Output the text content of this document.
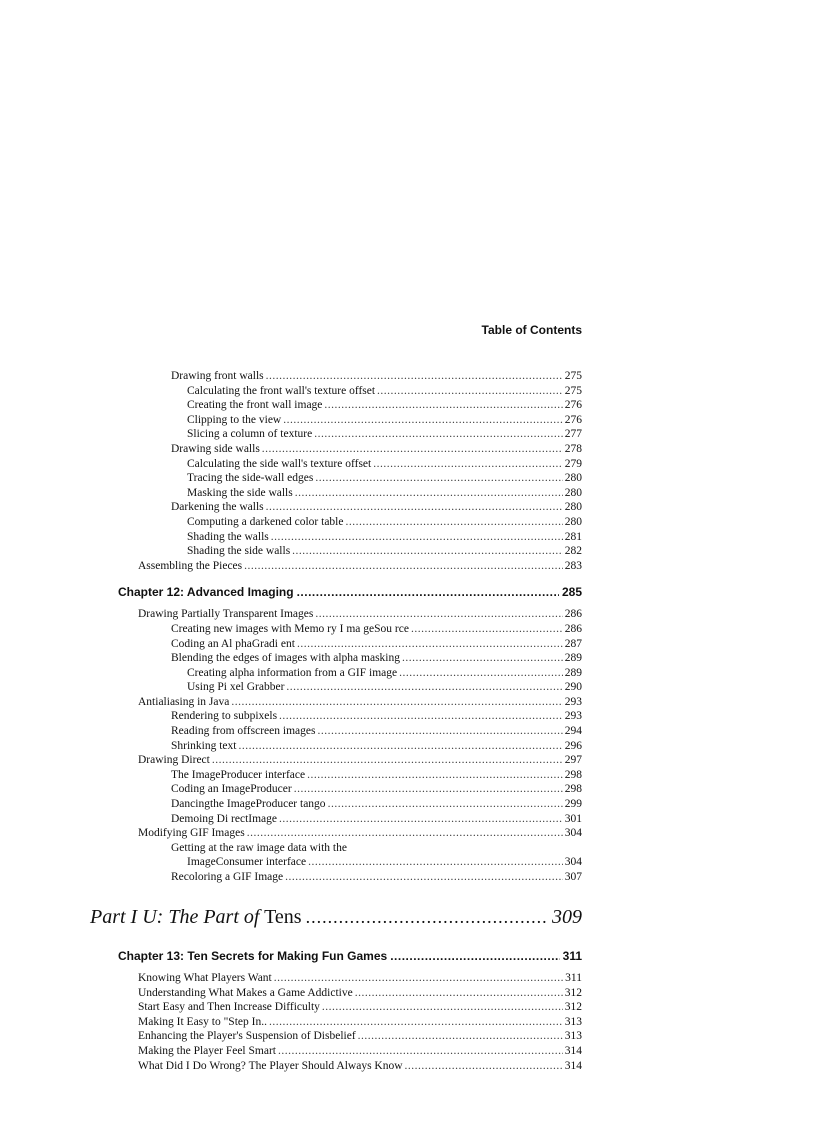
Table of Contents
Drawing front walls .....	275
Calculating the front wall's texture offset .....	275
Creating the front wall image .....	276
Clipping to the view .....	276
Slicing a column of texture .....	277
Drawing side walls .....	278
Calculating the side wall's texture offset .....	279
Tracing the side-wall edges .....	280
Masking the side walls .....	280
Darkening the walls .....	280
Computing a darkened color table .....	280
Shading the walls .....	281
Shading the side walls .....	282
Assembling the Pieces .....	283
Chapter 12: Advanced Imaging .....	285
Drawing Partially Transparent Images .....	286
Creating new images with Memo ry I ma geSou rce .....	286
Coding an Al phaGradi ent .....	287
Blending the edges of images with alpha masking .....	289
Creating alpha information from a GIF image .....	289
Using Pi xel Grabber .....	290
Antialiasing in Java .....	293
Rendering to subpixels .....	293
Reading from offscreen images .....	294
Shrinking text .....	296
Drawing Direct .....	297
The ImageProducer interface .....	298
Coding an ImageProducer .....	298
Dancingthe ImageProducer tango .....	299
Demoing Di rectImage .....	301
Modifying GIF Images .....	304
Getting at the raw image data with the
ImageConsumer interface .....	304
Recoloring a GIF Image .....	307
Part I U: The Part of Tens .....	309
Chapter 13: Ten Secrets for Making Fun Games .....	311
Knowing What Players Want .....	311
Understanding What Makes a Game Addictive .....	312
Start Easy and Then Increase Difficulty .....	312
Making It Easy to "Step In.. .....	313
Enhancing the Player's Suspension of Disbelief .....	313
Making the Player Feel Smart .....	314
What Did I Do Wrong? The Player Should Always Know .....	314
